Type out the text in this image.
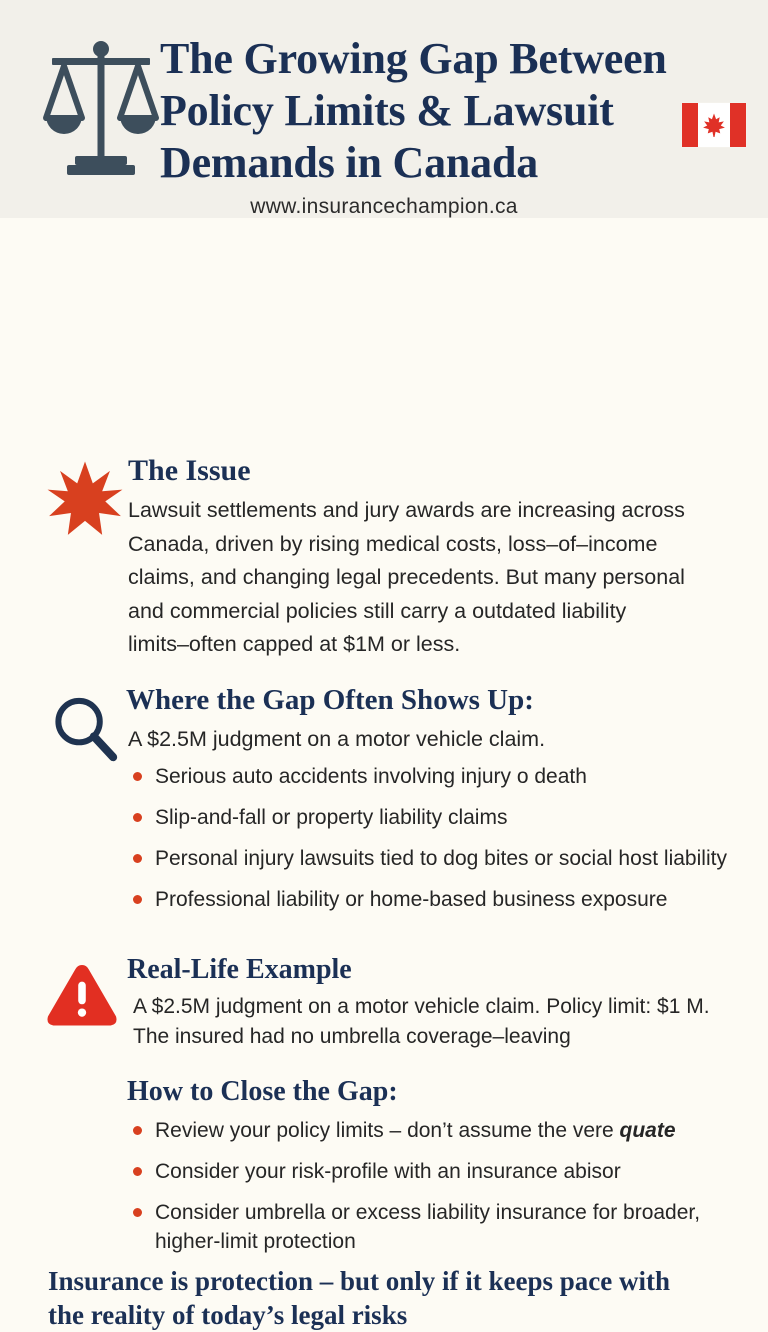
The Growing Gap Between
Policy Limits & Lawsuit
Demands in Canada
www.insurancechampion.ca
The Issue

Lawsuit settlements and jury awards are increasing across Canada, driven by rising medical costs, loss–of–income claims, and changing legal precedents. But many personal and commercial policies still carry a outdated liability limits–often capped at $1M or less.

Where the Gap Often Shows Up:
A $2.5M judgment on a motor vehicle claim.
Serious auto accidents involving injury o death
Slip-and-fall or property liability claims
Personal injury lawsuits tied to dog bites or social host liability
Professional liability or home-based business exposure
Real-Life Example

A $2.5M judgment on a motor vehicle claim. Policy limit: $1 M. The insured had no umbrella coverage–leaving

How to Close the Gap:
Review your policy limits – don’t assume the vere quate
Consider your risk-profile with an insurance abisor
Consider umbrella or excess liability insurance for broader, higher-limit protection
Insurance is protection – but only if it keeps pace with
the reality of today’s legal risks
